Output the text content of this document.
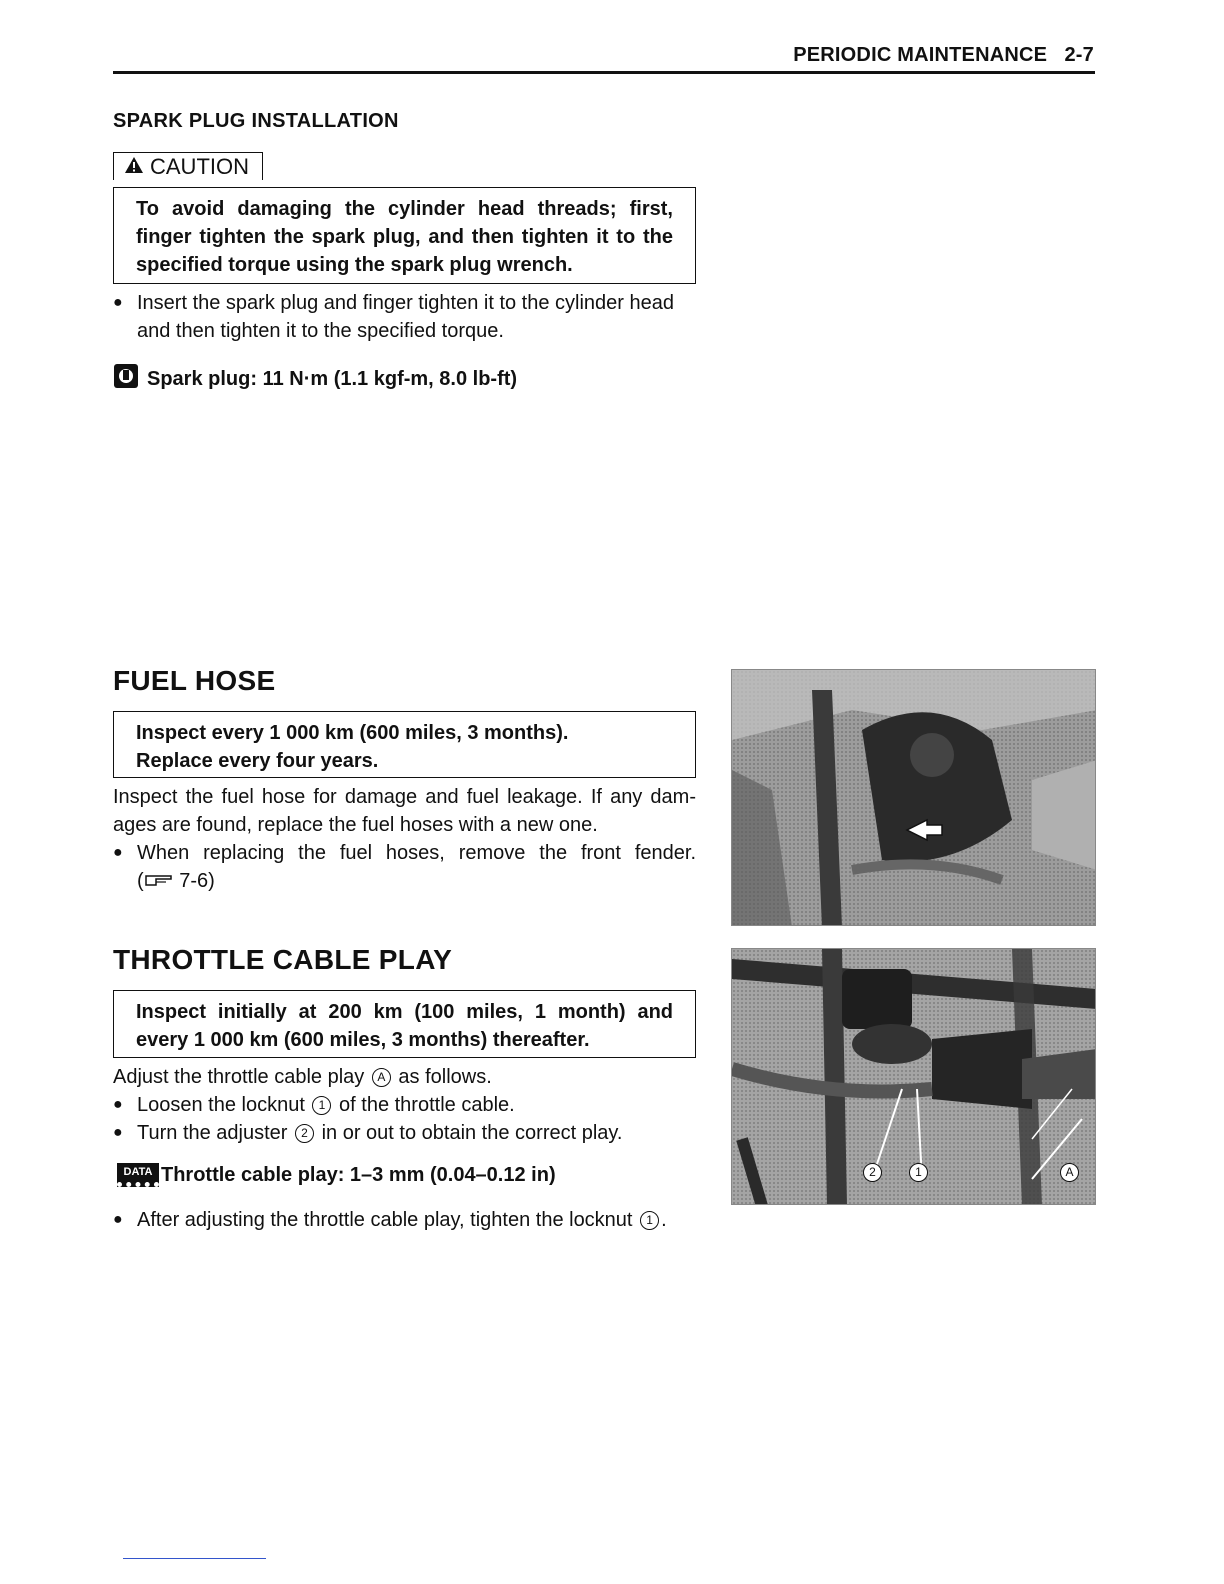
PERIODIC MAINTENANCE 2-7
SPARK PLUG INSTALLATION
CAUTION
To avoid damaging the cylinder head threads; first,
finger tighten the spark plug, and then tighten it to the
specified torque using the spark plug wrench.
● Insert the spark plug and finger tighten it to the cylinder head
and then tighten it to the specified torque.
Spark plug: 11 N·m (1.1 kgf-m, 8.0 lb-ft)
FUEL HOSE
Inspect every 1 000 km (600 miles, 3 months).
Replace every four years.
Inspect the fuel hose for damage and fuel leakage. If any dam-
ages are found, replace the fuel hoses with a new one.
● When replacing the fuel hoses, remove the front fender.
( 7-6)
THROTTLE CABLE PLAY
Inspect initially at 200 km (100 miles, 1 month) and
every 1 000 km (600 miles, 3 months) thereafter.
Adjust the throttle cable play A as follows.
● Loosen the locknut 1 of the throttle cable.
● Turn the adjuster 2 in or out to obtain the correct play.
DATA Throttle cable play: 1–3 mm (0.04–0.12 in)
● After adjusting the throttle cable play, tighten the locknut 1 .
2	1	A
